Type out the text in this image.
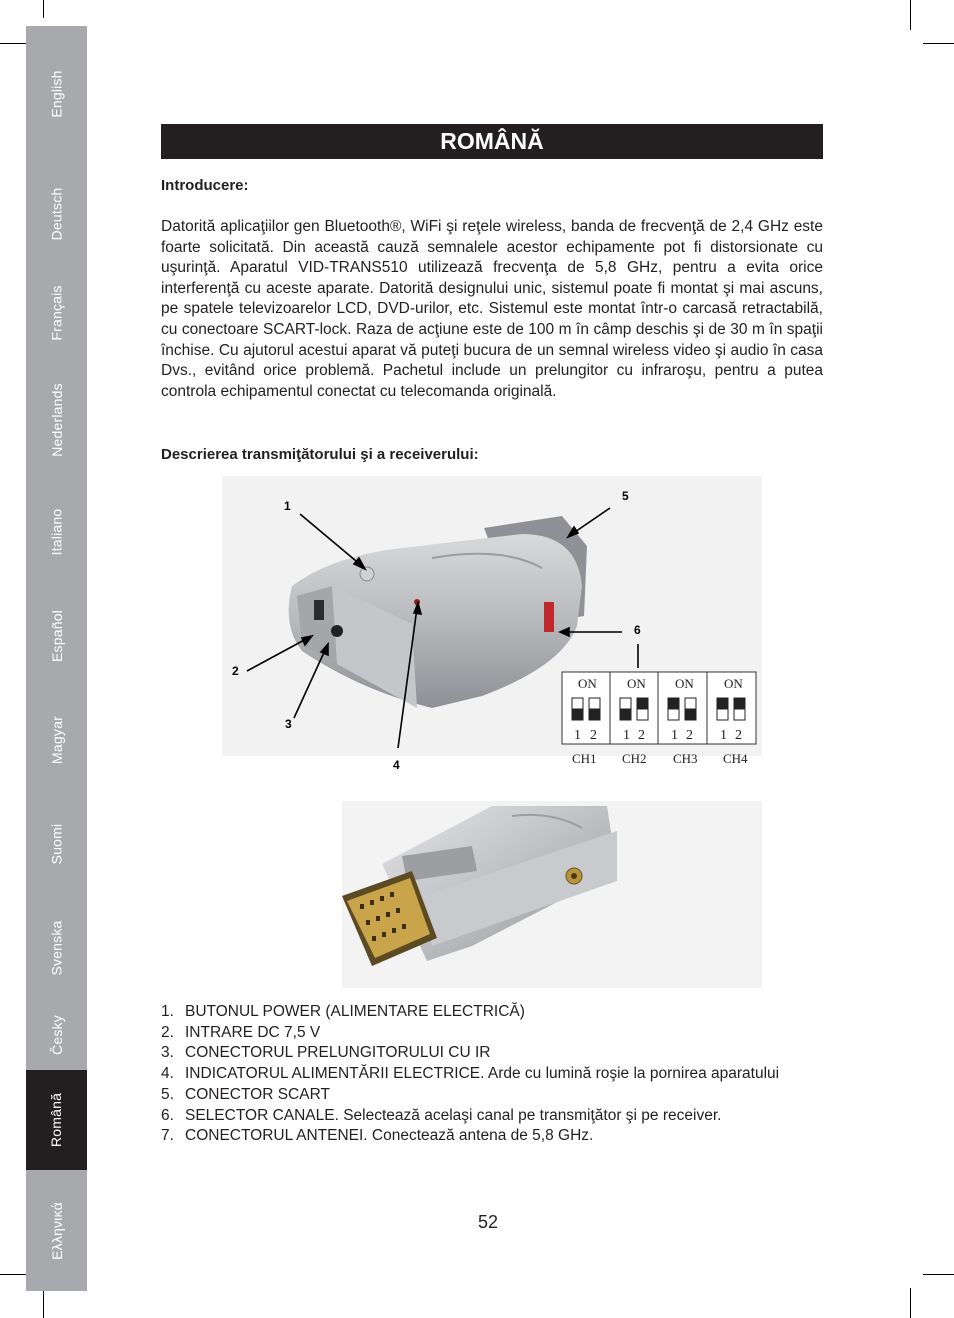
English
Deutsch
Français
Nederlands
Italiano
Español
Magyar
Suomi
Svenska
Česky
Română
Ελληνικά
ROMÂNĂ
Introducere:

Datorită aplicaţiilor gen Bluetooth®, WiFi şi reţele wireless, banda de frecvenţă de 2,4 GHz este foarte solicitată. Din această cauză semnalele acestor echipamente pot fi distorsionate cu uşurinţă. Aparatul VID-TRANS510 utilizează frecvenţa de 5,8 GHz, pentru a evita orice interferenţă cu aceste aparate. Datorită designului unic, sistemul poate fi montat şi mai ascuns, pe spatele televizoarelor LCD, DVD-urilor, etc. Sistemul este montat într-o carcasă retractabilă, cu conectoare SCART-lock. Raza de acţiune este de 100 m în câmp deschis şi de 30 m în spaţii închise. Cu ajutorul acestui aparat vă puteţi bucura de un semnal wireless video şi audio în casa Dvs., evitând orice problemă. Pachetul include un prelungitor cu infraroşu, pentru a putea controla echipamentul conectat cu telecomanda originală.

Descrierea transmiţătorului şi a receiverului:
1
2
3
4
5
6
ON ON ON ON
1 2 1 2 1 2 1 2
CH1 CH2 CH3 CH4
1. BUTONUL POWER (ALIMENTARE ELECTRICĂ)
2. INTRARE DC 7,5 V
3. CONECTORUL PRELUNGITORULUI CU IR
4. INDICATORUL ALIMENTĂRII ELECTRICE. Arde cu lumină roşie la pornirea aparatului
5. CONECTOR SCART
6. SELECTOR CANALE. Selectează acelaşi canal pe transmiţător şi pe receiver.
7. CONECTORUL ANTENEI. Conectează antena de 5,8 GHz.
52
